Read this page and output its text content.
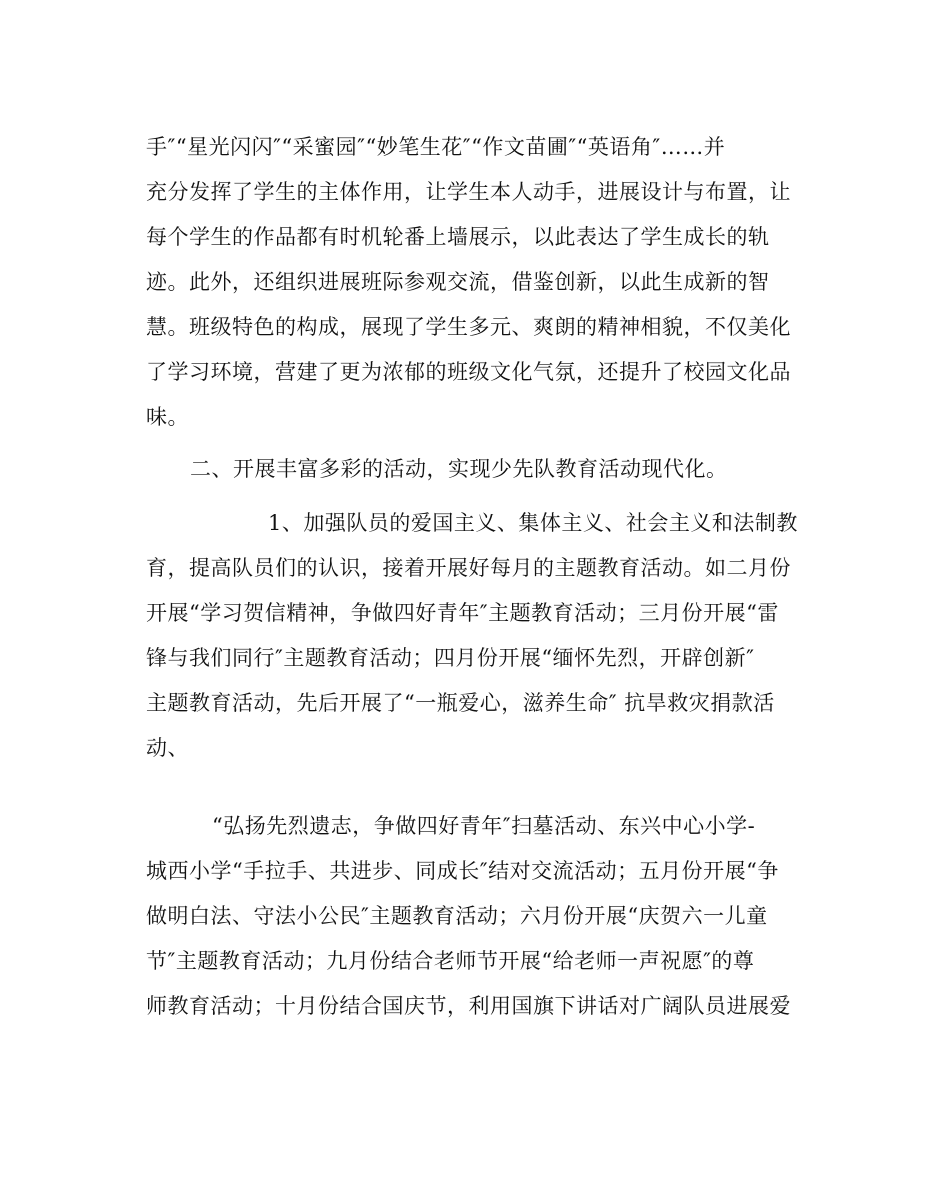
手″“星光闪闪″“采蜜园″“妙笔生花″“作文苗圃″“英语角″……并
充分发挥了学生的主体作用，让学生本人动手，进展设计与布置，让
每个学生的作品都有时机轮番上墙展示，以此表达了学生成长的轨
迹。此外，还组织进展班际参观交流，借鉴创新，以此生成新的智
慧。班级特色的构成，展现了学生多元、爽朗的精神相貌，不仅美化
了学习环境，营建了更为浓郁的班级文化气氛，还提升了校园文化品
味。
二、开展丰富多彩的活动，实现少先队教育活动现代化。
1、加强队员的爱国主义、集体主义、社会主义和法制教
育，提高队员们的认识，接着开展好每月的主题教育活动。如二月份
开展“学习贺信精神，争做四好青年″主题教育活动；三月份开展“雷
锋与我们同行″主题教育活动；四月份开展“缅怀先烈，开辟创新″
主题教育活动，先后开展了“一瓶爱心，滋养生命″ 抗旱救灾捐款活
动、
“弘扬先烈遗志，争做四好青年″扫墓活动、东兴中心小学-
城西小学“手拉手、共进步、同成长″结对交流活动；五月份开展“争
做明白法、守法小公民″主题教育活动；六月份开展“庆贺六一儿童
节″主题教育活动；九月份结合老师节开展“给老师一声祝愿″的尊
师教育活动；十月份结合国庆节，利用国旗下讲话对广阔队员进展爱
